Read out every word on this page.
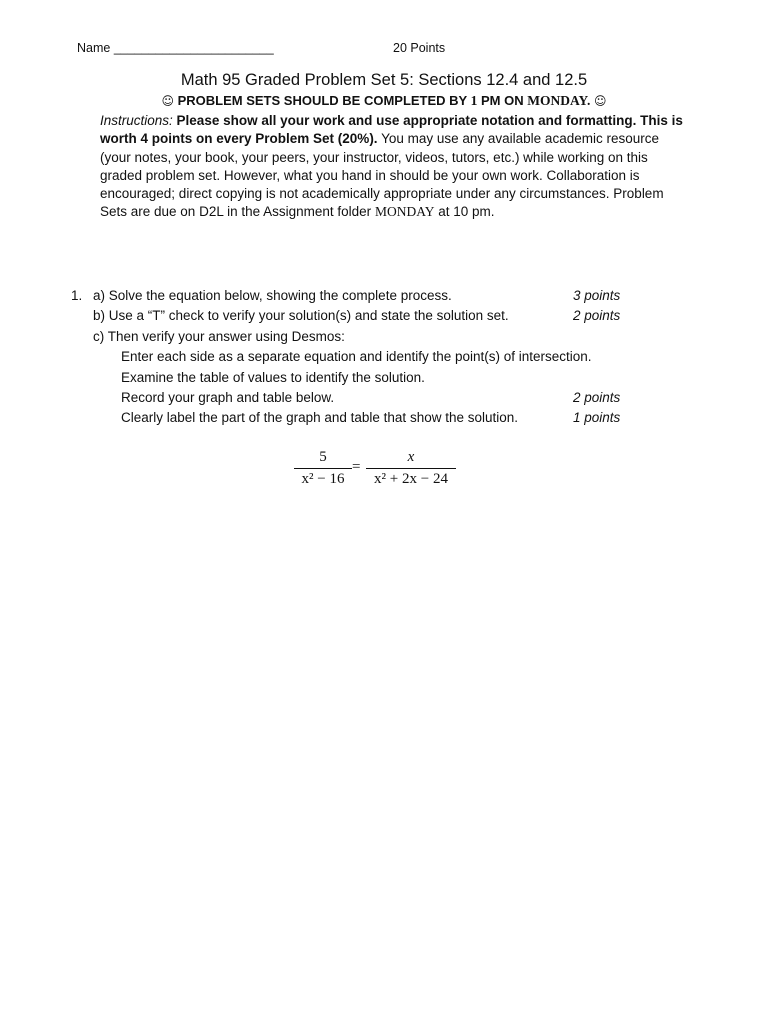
Name _______________________	20 Points
Math 95 Graded Problem Set 5: Sections 12.4 and 12.5
☺ PROBLEM SETS SHOULD BE COMPLETED BY 1 PM ON MONDAY. ☺
Instructions: Please show all your work and use appropriate notation and formatting. This is worth 4 points on every Problem Set (20%). You may use any available academic resource (your notes, your book, your peers, your instructor, videos, tutors, etc.) while working on this graded problem set. However, what you hand in should be your own work. Collaboration is encouraged; direct copying is not academically appropriate under any circumstances. Problem Sets are due on D2L in the Assignment folder MONDAY at 10 pm.
1. a) Solve the equation below, showing the complete process.	3 points
b) Use a “T” check to verify your solution(s) and state the solution set.	2 points
c) Then verify your answer using Desmos:
Enter each side as a separate equation and identify the point(s) of intersection.
Examine the table of values to identify the solution.
Record your graph and table below.	2 points
Clearly label the part of the graph and table that show the solution.	1 points
5
x² − 16
=
x
x² + 2x − 24
